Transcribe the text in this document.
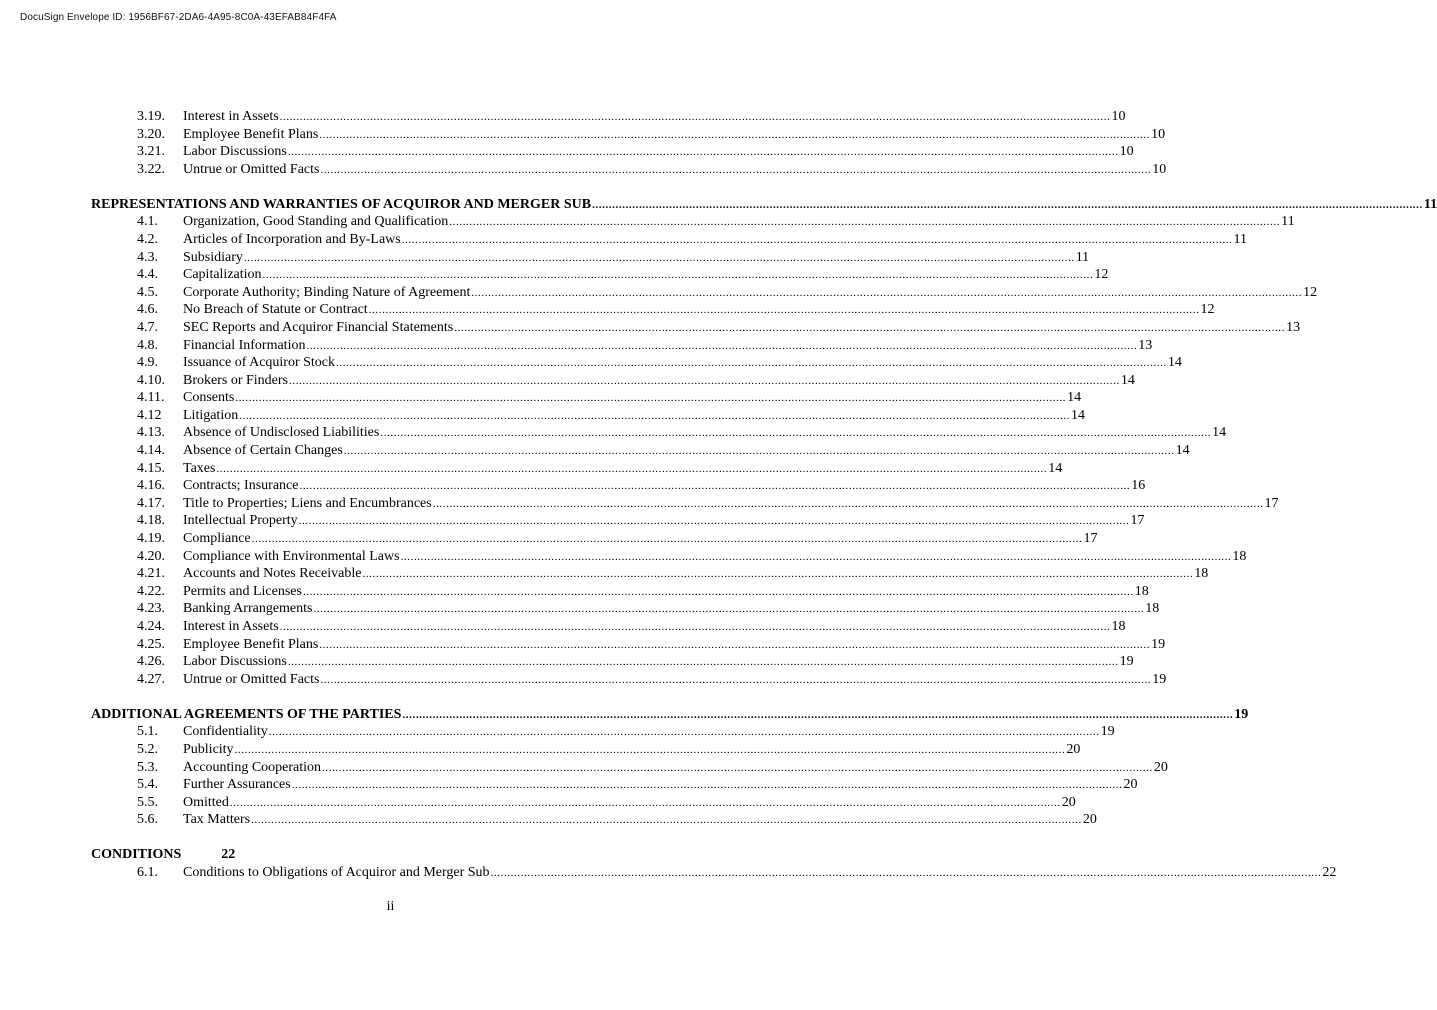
DocuSign Envelope ID: 1956BF67-2DA6-4A95-8C0A-43EFAB84F4FA
3.19.	Interest in Assets .....	10
3.20.	Employee Benefit Plans .....	10
3.21.	Labor Discussions .....	10
3.22.	Untrue or Omitted Facts .....	10
REPRESENTATIONS AND WARRANTIES OF ACQUIROR AND MERGER SUB .....	11
4.1.	Organization, Good Standing and Qualification .....	11
4.2.	Articles of Incorporation and By-Laws .....	11
4.3.	Subsidiary .....	11
4.4.	Capitalization .....	12
4.5.	Corporate Authority; Binding Nature of Agreement .....	12
4.6.	No Breach of Statute or Contract .....	12
4.7.	SEC Reports and Acquiror Financial Statements .....	13
4.8.	Financial Information .....	13
4.9.	Issuance of Acquiror Stock .....	14
4.10.	Brokers or Finders .....	14
4.11.	Consents .....	14
4.12	Litigation .....	14
4.13.	Absence of Undisclosed Liabilities .....	14
4.14.	Absence of Certain Changes .....	14
4.15.	Taxes .....	14
4.16.	Contracts; Insurance .....	16
4.17.	Title to Properties; Liens and Encumbrances .....	17
4.18.	Intellectual Property .....	17
4.19.	Compliance .....	17
4.20.	Compliance with Environmental Laws .....	18
4.21.	Accounts and Notes Receivable .....	18
4.22.	Permits and Licenses .....	18
4.23.	Banking Arrangements .....	18
4.24.	Interest in Assets .....	18
4.25.	Employee Benefit Plans .....	19
4.26.	Labor Discussions .....	19
4.27.	Untrue or Omitted Facts .....	19
ADDITIONAL AGREEMENTS OF THE PARTIES .....	19
5.1.	Confidentiality .....	19
5.2.	Publicity .....	20
5.3.	Accounting Cooperation .....	20
5.4.	Further Assurances .....	20
5.5.	Omitted .....	20
5.6.	Tax Matters .....	20
CONDITIONS	22
6.1.	Conditions to Obligations of Acquiror and Merger Sub .....	22
ii
